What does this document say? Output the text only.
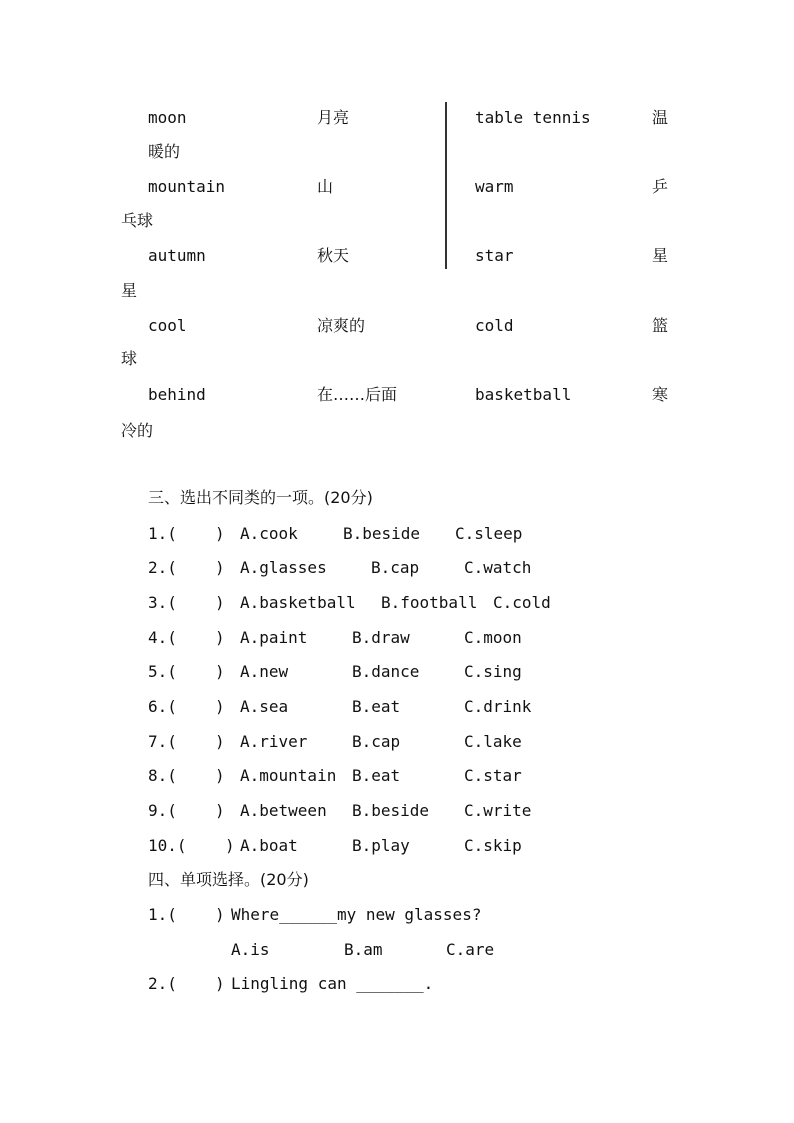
moon	月亮	table tennis	温
暖的
mountain	山	warm	乒
乓球
autumn	秋天	star	星
星
cool	凉爽的	cold	篮
球
behind	在……后面	basketball	寒
冷的
三、选出不同类的一项。(20分)
1.( ) A.cook	B.beside C.sleep
2.( ) A.glasses	B.cap	C.watch
3.( ) A.basketball B.football C.cold
4.( ) A.paint	B.draw	C.moon
5.( ) A.new	B.dance	C.sing
6.( ) A.sea	B.eat	C.drink
7.( ) A.river	B.cap	C.lake
8.( ) A.mountain B.eat	C.star
9.( ) A.between B.beside C.write
10.( ) A.boat	B.play	C.skip
四、单项选择。(20分)
1.( ) Where______my new glasses?
A.is	B.am	C.are
2.( ) Lingling can _______.
